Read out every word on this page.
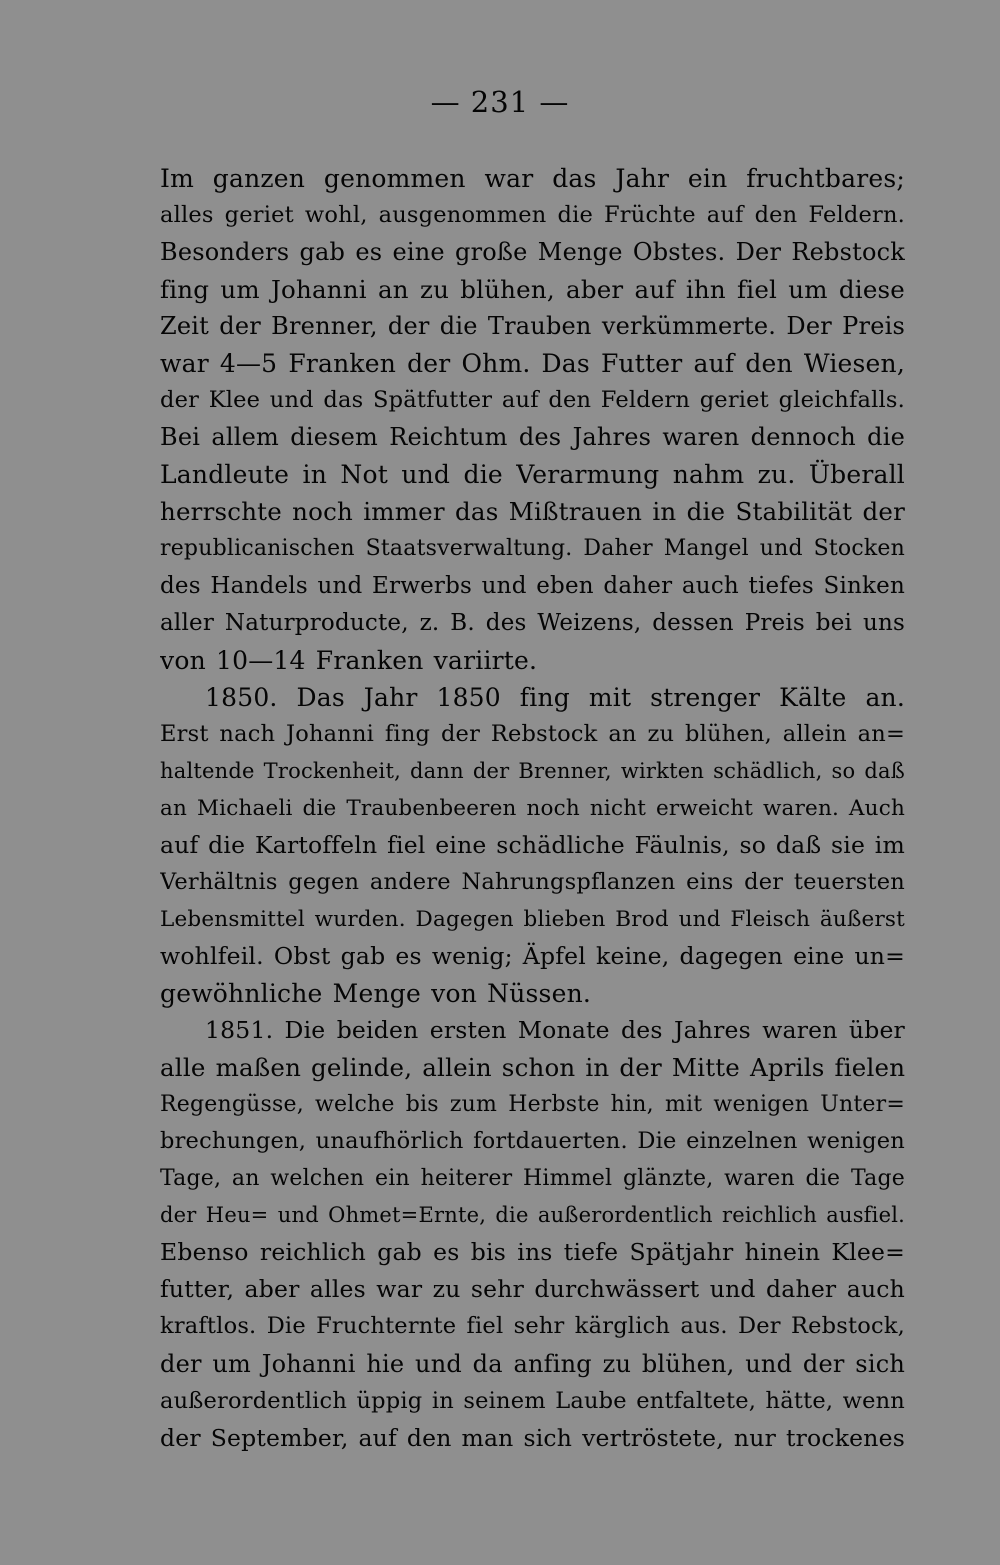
— 231 —
Im ganzen genommen war das Jahr ein fruchtbares;
alles geriet wohl, ausgenommen die Früchte auf den Feldern.
Besonders gab es eine große Menge Obstes. Der Rebstock
fing um Johanni an zu blühen, aber auf ihn fiel um diese
Zeit der Brenner, der die Trauben verkümmerte. Der Preis
war 4—5 Franken der Ohm. Das Futter auf den Wiesen,
der Klee und das Spätfutter auf den Feldern geriet gleichfalls.
Bei allem diesem Reichtum des Jahres waren dennoch die
Landleute in Not und die Verarmung nahm zu. Überall
herrschte noch immer das Mißtrauen in die Stabilität der
republicanischen Staatsverwaltung. Daher Mangel und Stocken
des Handels und Erwerbs und eben daher auch tiefes Sinken
aller Naturproducte, z. B. des Weizens, dessen Preis bei uns
von 10—14 Franken variirte.
1850. Das Jahr 1850 fing mit strenger Kälte an.
Erst nach Johanni fing der Rebstock an zu blühen, allein an=
haltende Trockenheit, dann der Brenner, wirkten schädlich, so daß
an Michaeli die Traubenbeeren noch nicht erweicht waren. Auch
auf die Kartoffeln fiel eine schädliche Fäulnis, so daß sie im
Verhältnis gegen andere Nahrungspflanzen eins der teuersten
Lebensmittel wurden. Dagegen blieben Brod und Fleisch äußerst
wohlfeil. Obst gab es wenig; Äpfel keine, dagegen eine un=
gewöhnliche Menge von Nüssen.
1851. Die beiden ersten Monate des Jahres waren über
alle maßen gelinde, allein schon in der Mitte Aprils fielen
Regengüsse, welche bis zum Herbste hin, mit wenigen Unter=
brechungen, unaufhörlich fortdauerten. Die einzelnen wenigen
Tage, an welchen ein heiterer Himmel glänzte, waren die Tage
der Heu= und Ohmet=Ernte, die außerordentlich reichlich ausfiel.
Ebenso reichlich gab es bis ins tiefe Spätjahr hinein Klee=
futter, aber alles war zu sehr durchwässert und daher auch
kraftlos. Die Fruchternte fiel sehr kärglich aus. Der Rebstock,
der um Johanni hie und da anfing zu blühen, und der sich
außerordentlich üppig in seinem Laube entfaltete, hätte, wenn
der September, auf den man sich vertröstete, nur trockenes
